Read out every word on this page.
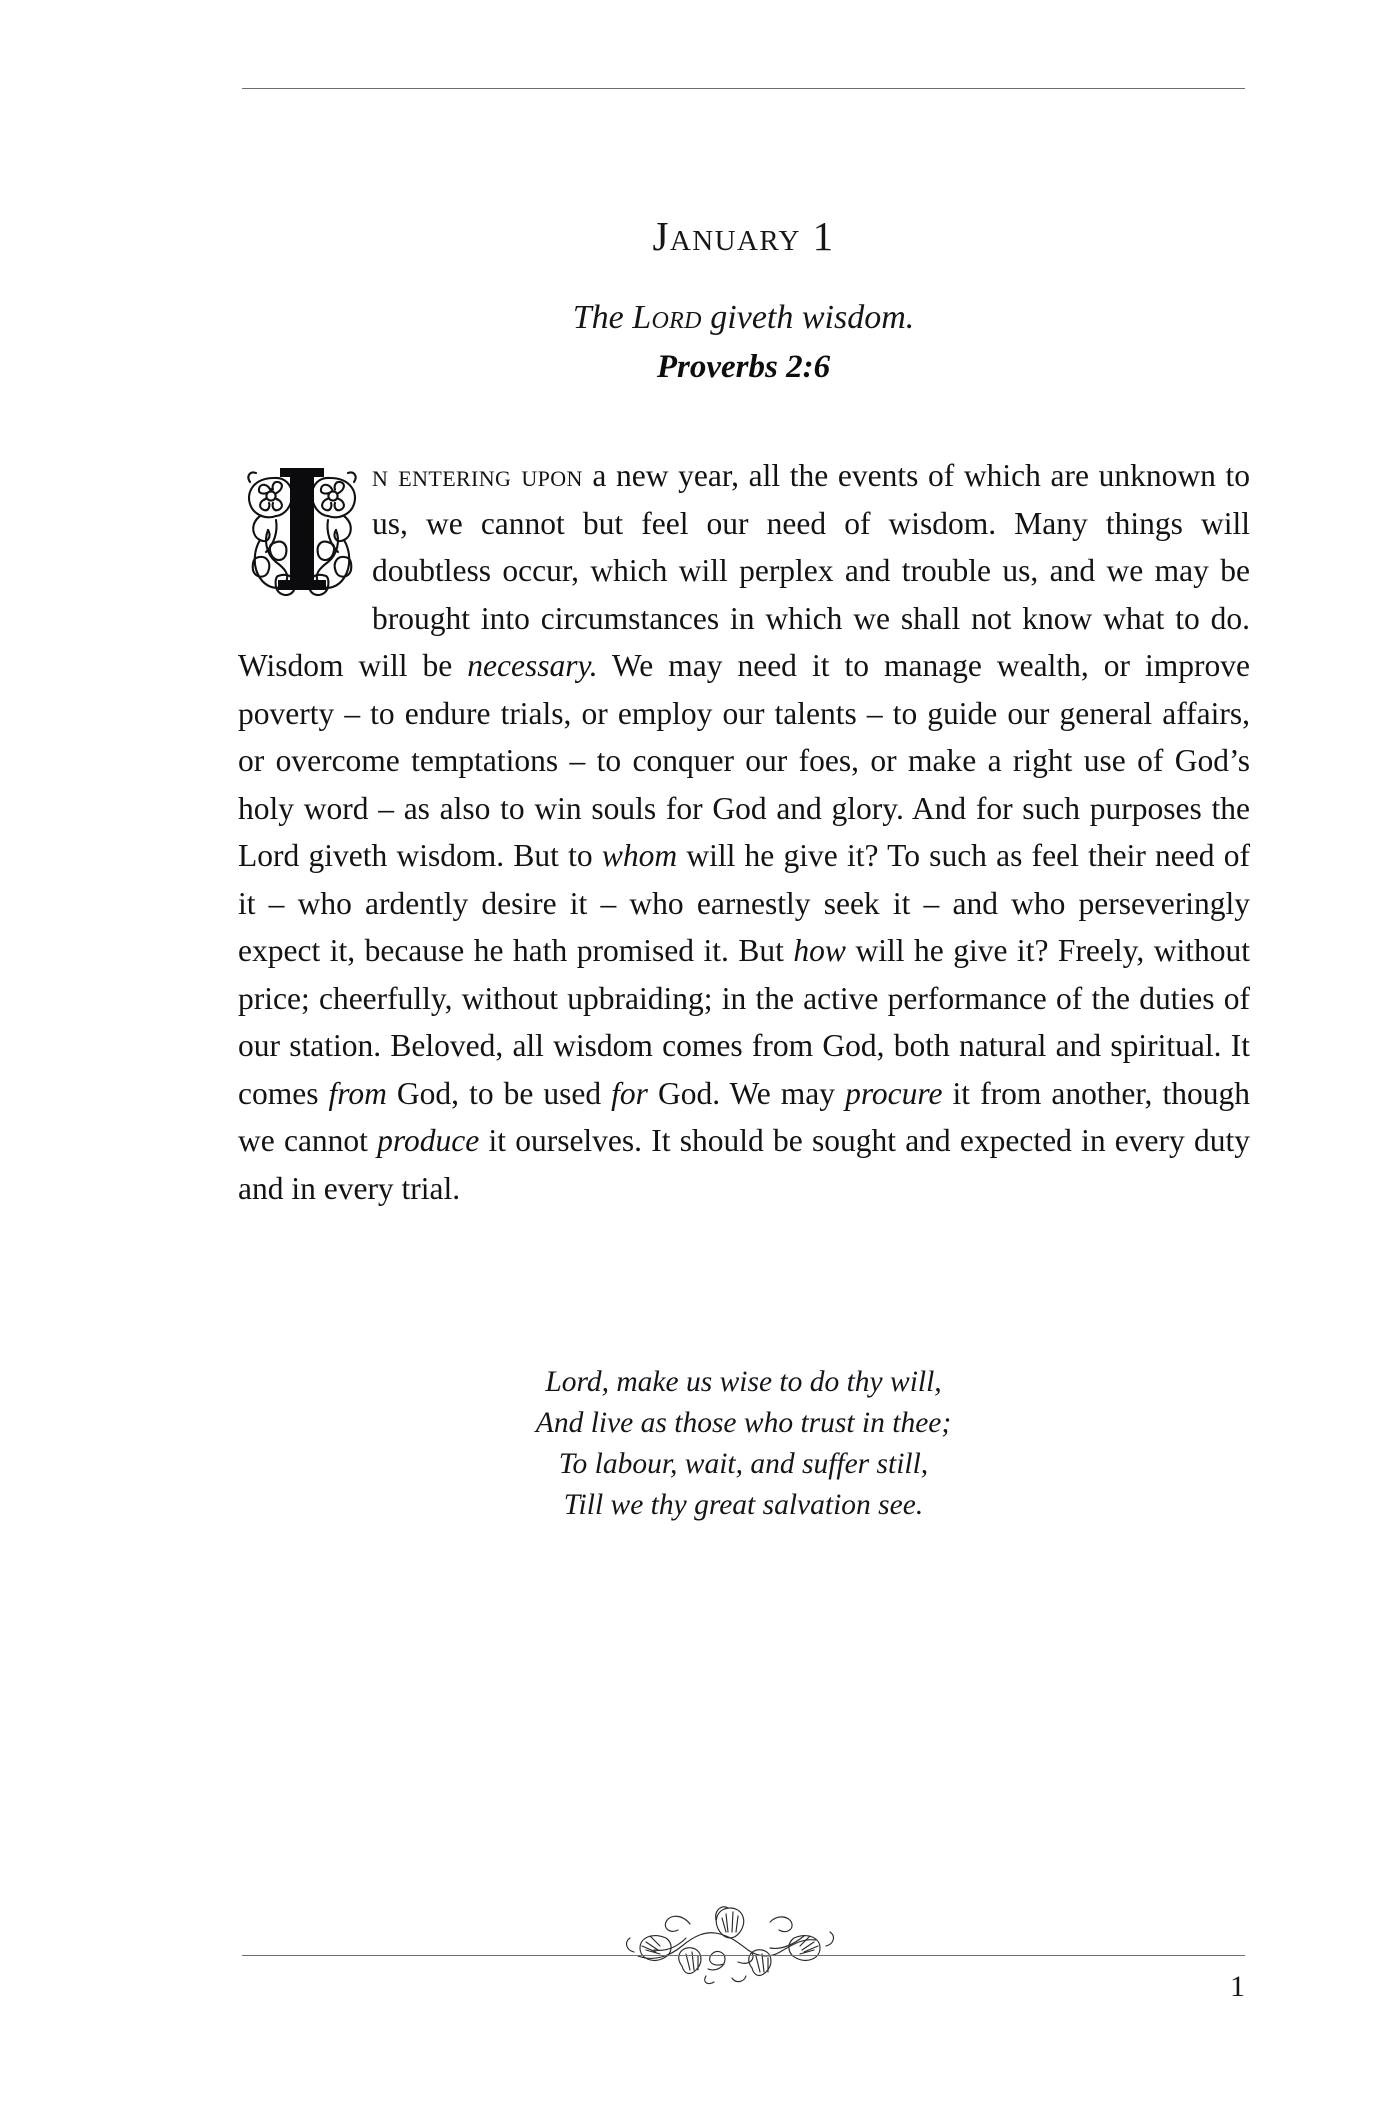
January 1
The Lord giveth wisdom.
Proverbs 2:6

n entering upon a new year, all the events of which are unknown to us, we cannot but feel our need of wisdom. Many things will doubtless occur, which will perplex and trouble us, and we may be brought into circumstances in which we shall not know what to do. Wisdom will be necessary. We may need it to manage wealth, or improve poverty – to endure trials, or employ our talents – to guide our general affairs, or overcome temptations – to conquer our foes, or make a right use of God’s holy word – as also to win souls for God and glory. And for such purposes the Lord giveth wisdom. But to whom will he give it? To such as feel their need of it – who ardently desire it – who earnestly seek it – and who perseveringly expect it, because he hath promised it. But how will he give it? Freely, without price; cheerfully, without upbraiding; in the active performance of the duties of our station. Beloved, all wisdom comes from God, both natural and spiritual. It comes from God, to be used for God. We may procure it from another, though we cannot produce it ourselves. It should be sought and expected in every duty and in every trial.

Lord, make us wise to do thy will,
And live as those who trust in thee;
To labour, wait, and suffer still,
Till we thy great salvation see.
1
